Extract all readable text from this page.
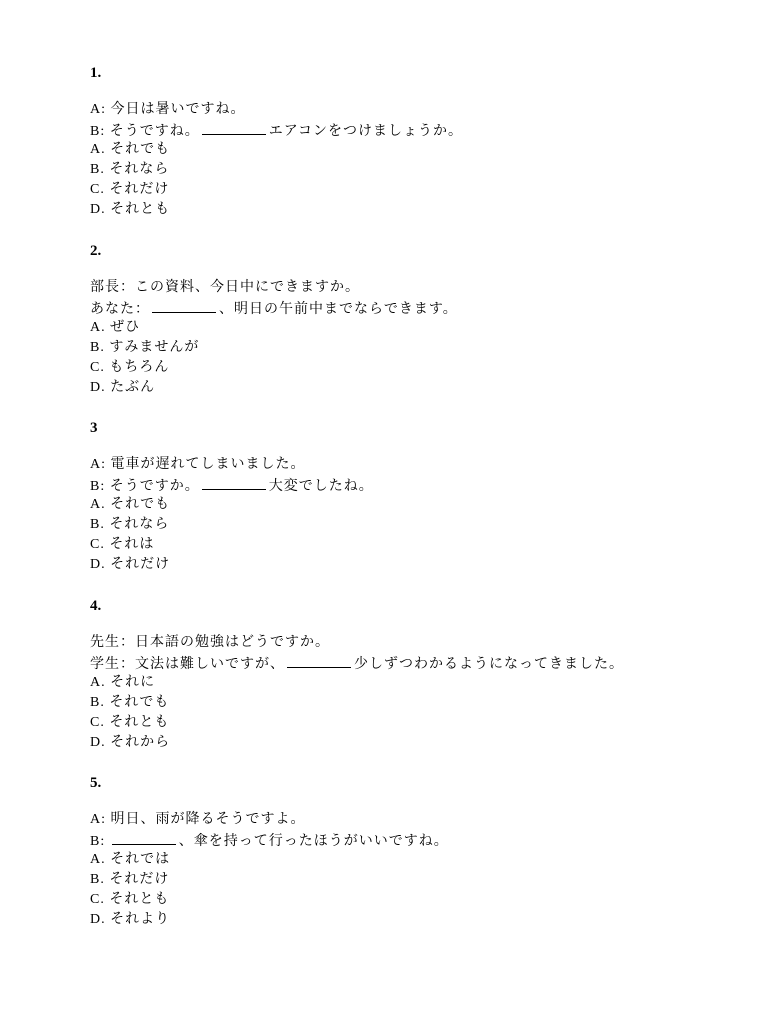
1.
A: 今日は暑いですね。
B: そうですね。	エアコンをつけましょうか。
A. それでも
B. それなら
C. それだけ
D. それとも
2.
部長：この資料、今日中にできますか。
あなた：	、明日の午前中までならできます。
A. ぜひ
B. すみませんが
C. もちろん
D. たぶん
3
A: 電車が遅れてしまいました。
B: そうですか。	大変でしたね。
A. それでも
B. それなら
C. それは
D. それだけ
4.
先生：日本語の勉強はどうですか。
学生：文法は難しいですが、	少しずつわかるようになってきました。
A. それに
B. それでも
C. それとも
D. それから
5.
A: 明日、雨が降るそうですよ。
B:	、傘を持って行ったほうがいいですね。
A. それでは
B. それだけ
C. それとも
D. それより
